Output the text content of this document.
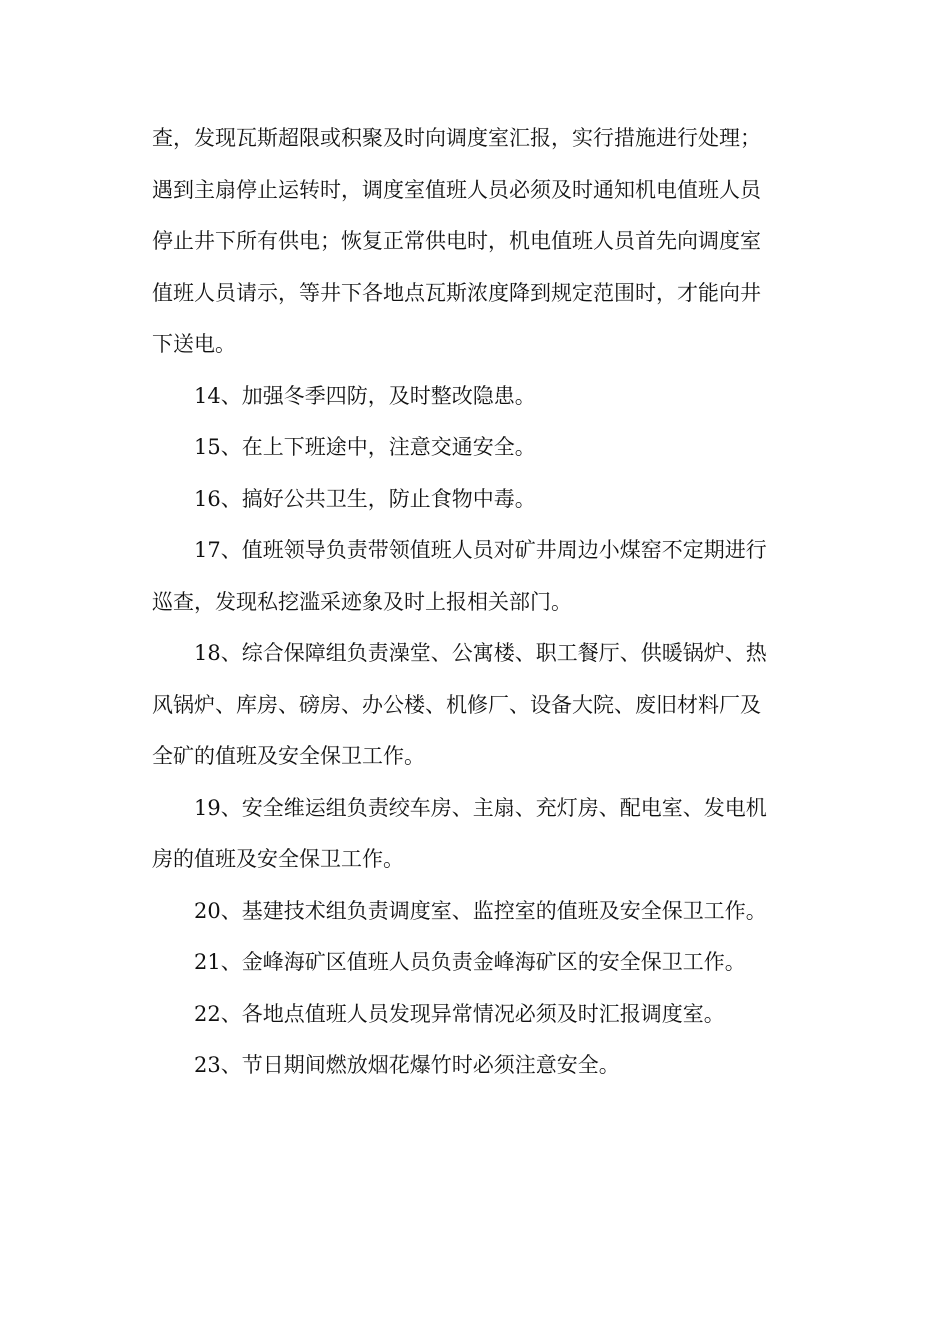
查，发现瓦斯超限或积聚及时向调度室汇报，实行措施进行处理；
遇到主扇停止运转时，调度室值班人员必须及时通知机电值班人员
停止井下所有供电；恢复正常供电时，机电值班人员首先向调度室
值班人员请示，等井下各地点瓦斯浓度降到规定范围时，才能向井
下送电。
14、加强冬季四防，及时整改隐患。
15、在上下班途中，注意交通安全。
16、搞好公共卫生，防止食物中毒。
17、值班领导负责带领值班人员对矿井周边小煤窑不定期进行
巡查，发现私挖滥采迹象及时上报相关部门。
18、综合保障组负责澡堂、公寓楼、职工餐厅、供暖锅炉、热
风锅炉、库房、磅房、办公楼、机修厂、设备大院、废旧材料厂及
全矿的值班及安全保卫工作。
19、安全维运组负责绞车房、主扇、充灯房、配电室、发电机
房的值班及安全保卫工作。
20、基建技术组负责调度室、监控室的值班及安全保卫工作。
21、金峰海矿区值班人员负责金峰海矿区的安全保卫工作。
22、各地点值班人员发现异常情况必须及时汇报调度室。
23、节日期间燃放烟花爆竹时必须注意安全。
